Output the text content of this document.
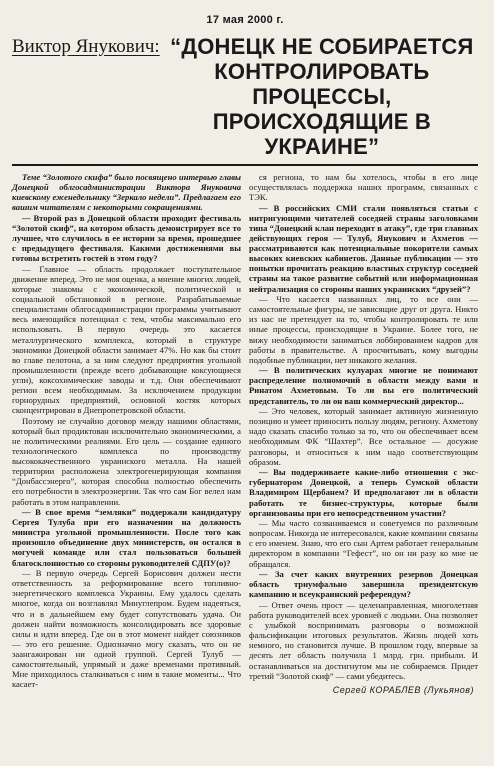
17 мая 2000 г.
Виктор Янукович: “ДОНЕЦК НЕ СОБИРАЕТСЯ КОНТРОЛИРОВАТЬ ПРОЦЕССЫ, ПРОИСХОДЯЩИЕ В УКРАИНЕ”

Теме “Золотого скифа” было посвящено интервью главы Донецкой облгосадминистрации Виктора Януковича киевскому еженедельнику “Зеркало недели”. Предлагаем его вашим читателям с некоторыми сокращениями.

— Второй раз в Донецкой области проходит фестиваль “Золотой скиф”, на котором область демонстрирует все то лучшее, что случилось в ее истории за время, прошедшее с предыдущего фестиваля. Какими достижениями вы готовы встретить гостей в этом году?

— Главное — область продолжает поступательное движение вперед. Это не моя оценка, а мнение многих людей, которые знакомы с экономической, политической и социальной обстановкой в регионе. Разрабатываемые специалистами облгосадминистрации программы учитывают весь имеющийся потенциал с тем, чтобы максимально его использовать. В первую очередь это касается металлургического комплекса, который в структуре экономики Донецкой области занимает 47%. Но как бы стоит во главе пелотона, а за ним следуют предприятия угольной промышленности (прежде всего добывающие коксующиеся угли), коксохимические заводы и т.д. Они обеспечивают регион всем необходимым. За исключением продукции горнорудных предприятий, основной костяк которых сконцентрирован в Днепропетровской области.

Поэтому не случайно договор между нашими областями, который был продиктован исключительно экономическими, а не политическими реалиями. Его цель — создание единого технологического комплекса по производству высококачественного украинского металла. На нашей территории расположена электрогенерирующая компания “Донбассэнерго”, которая способна полностью обеспечить его потребности в электроэнергии. Так что сам Бог велел нам работать в этом направлении.

— В свое время “земляки” поддержали кандидатуру Сергея Тулуба при его назначении на должность министра угольной промышленности. После того как произошло объединение двух министерств, он остался в могучей команде или стал пользоваться большей благосклонностью со стороны руководителей СДПУ(о)?

— В первую очередь Сергей Борисович должен нести ответственность за реформирование всего топливно-энергетического комплекса Украины. Ему удалось сделать многое, когда он возглавлял Минуглепром. Будем надеяться, что и в дальнейшем ему будет сопутствовать удача. Он должен найти возможность консолидировать все здоровые силы и идти вперед. Где он в этот момент найдет союзников — это его решение. Однозначно могу сказать, что он не заангажирован ни одной группой. Сергей Тулуб — самостоятельный, упрямый и даже временами противный. Мне приходилось сталкиваться с ним в такие моменты... Что касает-

ся региона, то нам бы хотелось, чтобы в его лице осуществлялась поддержка наших программ, связанных с ТЭК.

— В российских СМИ стали появляться статьи с интригующими читателей соседней страны заголовками типа “Донецкий клан переходит в атаку”, где три главных действующих героя — Тулуб, Янукович и Ахметов — рассматриваются как потенциальные покорители самых высоких киевских кабинетов. Данные публикации — это попытки прочитать реакцию властных структур соседней страны на такое развитие событий или информационная нейтрализация со стороны наших украинских “друзей”?

— Что касается названных лиц, то все они — самостоятельные фигуры, не зависящие друг от друга. Никто из нас не претендует на то, чтобы контролировать те или иные процессы, происходящие в Украине. Более того, не вижу необходимости заниматься лоббированием кадров для работы в правительстве. А просчитывать, кому выгодны подобные публикации, нет никакого желания.

— В политических кулуарах многие не понимают распределение полномочий в области между вами и Ринатом Ахметовым. То ли вы его политический представитель, то ли он ваш коммерческий директор...

— Это человек, который занимает активную жизненную позицию и умеет приносить пользу людям, региону. Ахметову надо сказать спасибо только за то, что он обеспечивает всем необходимым ФК “Шахтер”. Все остальное — досужие разговоры, и относиться к ним надо соответствующим образом.

— Вы поддерживаете какие-либо отношения с экс-губернатором Донецкой, а теперь Сумской области Владимиром Щербанем? И предполагают ли в области работать те бизнес-структуры, которые были организованы при его непосредственном участии?

— Мы часто созваниваемся и советуемся по различным вопросам. Никогда не интересовался, какие компании связаны с его именем. Знаю, что его сын Артем работает генеральным директором в компании “Гефест”, но он ни разу ко мне не обращался.

— За счет каких внутренних резервов Донецкая область триумфально завершила президентскую кампанию и всеукраинский референдум?

— Ответ очень прост — целенаправленная, многолетняя работа руководителей всех уровней с людьми. Она позволяет с улыбкой воспринимать разговоры о возможной фальсификации итоговых результатов. Жизнь людей хоть немного, но становится лучше. В прошлом году, впервые за десять лет область получила 1 млрд. грн. прибыли. И останавливаться на достигнутом мы не собираемся. Придет третий “Золотой скиф” — сами убедитесь.

Сергей КОРАБЛЕВ (Лукьянов)
